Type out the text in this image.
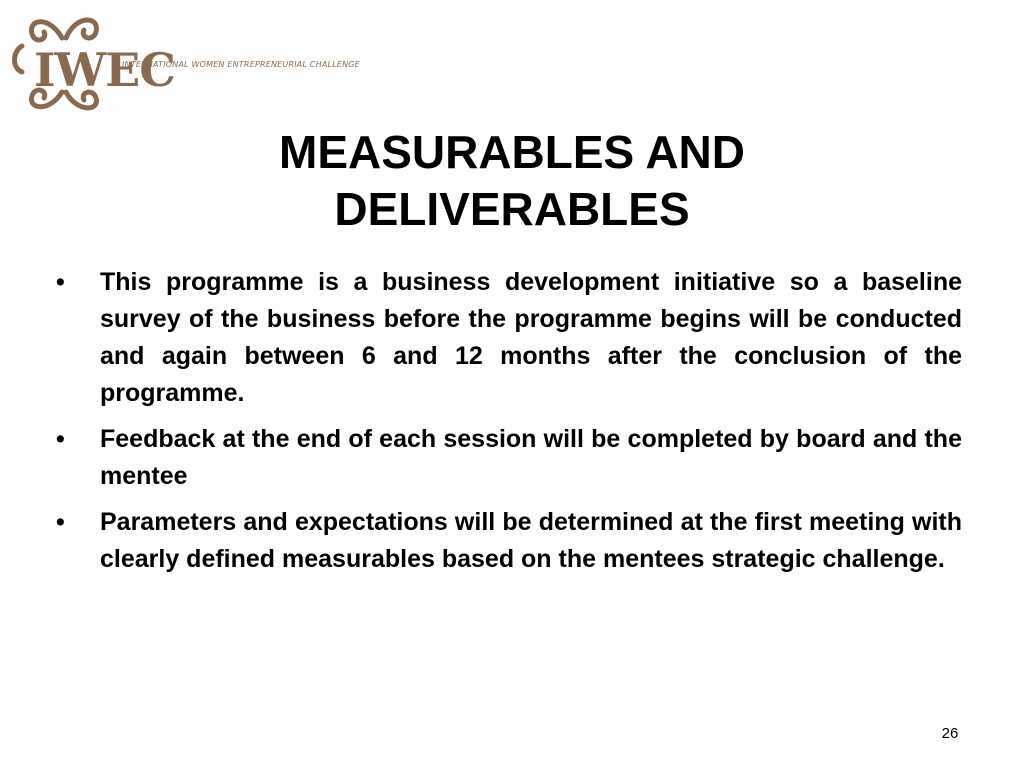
IWEC
INTERNATIONAL WOMEN ENTREPRENEURIAL CHALLENGE
MEASURABLES AND DELIVERABLES
•	This programme is a business development initiative so a baseline survey of the business before the programme begins will be conducted and again between 6 and 12 months after the conclusion of the programme.
•	Feedback at the end of each session will be completed by board and the mentee
•	Parameters and expectations will be determined at the first meeting with clearly defined measurables based on the mentees strategic challenge.
26
